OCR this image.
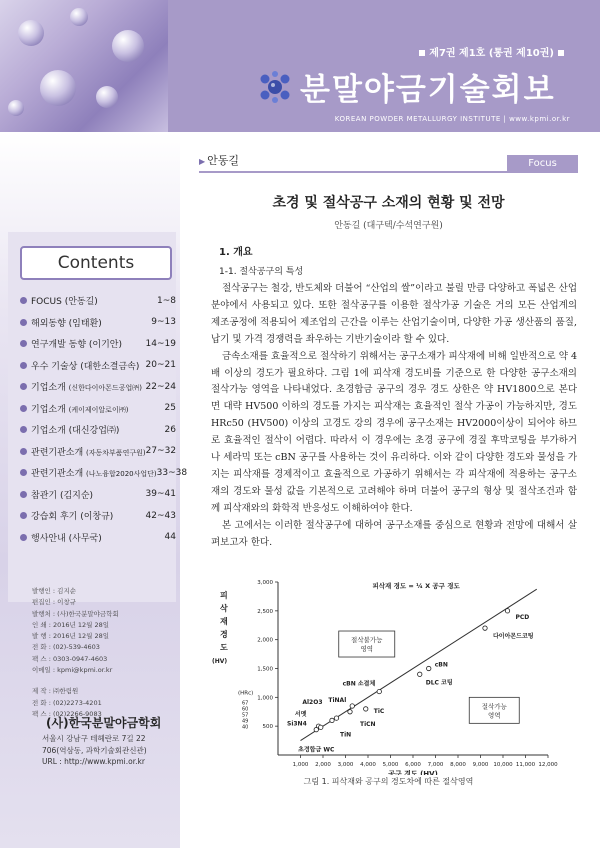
제7권 제1호 (통권 제10권)
분말야금기술회보
KOREAN POWDER METALLURGY INSTITUTE | www.kpmi.or.kr
Contents
FOCUS (안동길)	1~8
해외동향 (임태환)	9~13
연구개발 동향 (이기안)	14~19
우수 기술상 (대한소결금속) 20~21
기업소개 (신한다이아몬드공업㈜) 22~24
기업소개 (케이제이알로이㈜)	25
기업소개 (대신강업㈜)	26
관련기관소개 (자동차부품연구원) 27~32
관련기관소개 (나노융합2020사업단) 33~38
참관기 (김지순)	39~41
강습회 후기 (이창규)	42~43
행사안내 (사무국)	44
발행인 : 김지순
편집인 : 이창규
발행처 : (사)한국분말야금학회
인 쇄 : 2016년 12월 28일
발 행 : 2016년 12월 28일
전 화 : (02)-539-4603
팩 스 : 0303-0947-4603
이메일 : kpmi@kpmi.or.kr
제 작 : ㈜한림원
전 화 : (02)2273-4201
팩 스 : (02)2266-9083
(사)한국분말야금학회
서울시 강남구 테헤란로 7길 22
706(역삼동, 과학기술회관신관)
URL : http://www.kpmi.or.kr
▶ 안동길	Focus
초경 및 절삭공구 소재의 현황 및 전망
안동길 (대구텍/수석연구원)
1. 개요
1-1. 절삭공구의 특성

절삭공구는 철강, 반도체와 더불어 “산업의 쌀”이라고 불릴 만큼 다양하고 폭넓은 산업분야에서 사용되고 있다. 또한 절삭공구를 이용한 절삭가공 기술은 거의 모든 산업계의 제조공정에 적용되어 제조업의 근간을 이루는 산업기술이며, 다양한 가공 생산품의 품질, 납기 및 가격 경쟁력을 좌우하는 기반기술이라 할 수 있다.

금속소재를 효율적으로 절삭하기 위해서는 공구소재가 피삭재에 비해 일반적으로 약 4배 이상의 경도가 필요하다. 그림 1에 피삭재 경도비를 기준으로 한 다양한 공구소재의 절삭가능 영역을 나타내었다. 초경합금 공구의 경우 경도 상한은 약 HV1800으로 본다면 대략 HV500 이하의 경도를 가지는 피삭재는 효율적인 절삭 가공이 가능하지만, 경도 HRc50 (HV500) 이상의 고경도 강의 경우에 공구소재는 HV2000이상이 되어야 하므로 효율적인 절삭이 어렵다. 따라서 이 경우에는 초경 공구에 경질 후막코팅을 부가하거나 세라믹 또는 cBN 공구를 사용하는 것이 유리하다. 이와 같이 다양한 경도와 물성을 가지는 피삭재를 경제적이고 효율적으로 가공하기 위해서는 각 피삭재에 적용하는 공구소재의 경도와 물성 값을 기본적으로 고려해야 하며 더불어 공구의 형상 및 절삭조건과 함께 피삭재와의 화학적 반응성도 이해하여야 한다.

본 고에서는 이러한 절삭공구에 대하여 공구소재를 중심으로 현황과 전망에 대해서 살펴보고자 한다.

1,000 2,000 3,000 4,000 5,000 6,000 7,000 8,000 9,000 10,000 11,000 12,000
500
1,000
1,500
2,000
2,500
3,000
(HRc)
67
60
57
49
40
피
삭
재
경
도
(HV)
공구 경도 (HV)
피삭재 경도 = ¼ X 공구 경도
절삭불가능
영역
절삭가능
영역
PCD
다이아몬드코팅
cBN 소결체
cBN
DLC 코팅
TiNAl
TiC
Al2O3
TiCN
서멧
Si3N4
TiN
초경합금 WC
그림 1. 피삭재와 공구의 경도차에 따른 절삭영역
